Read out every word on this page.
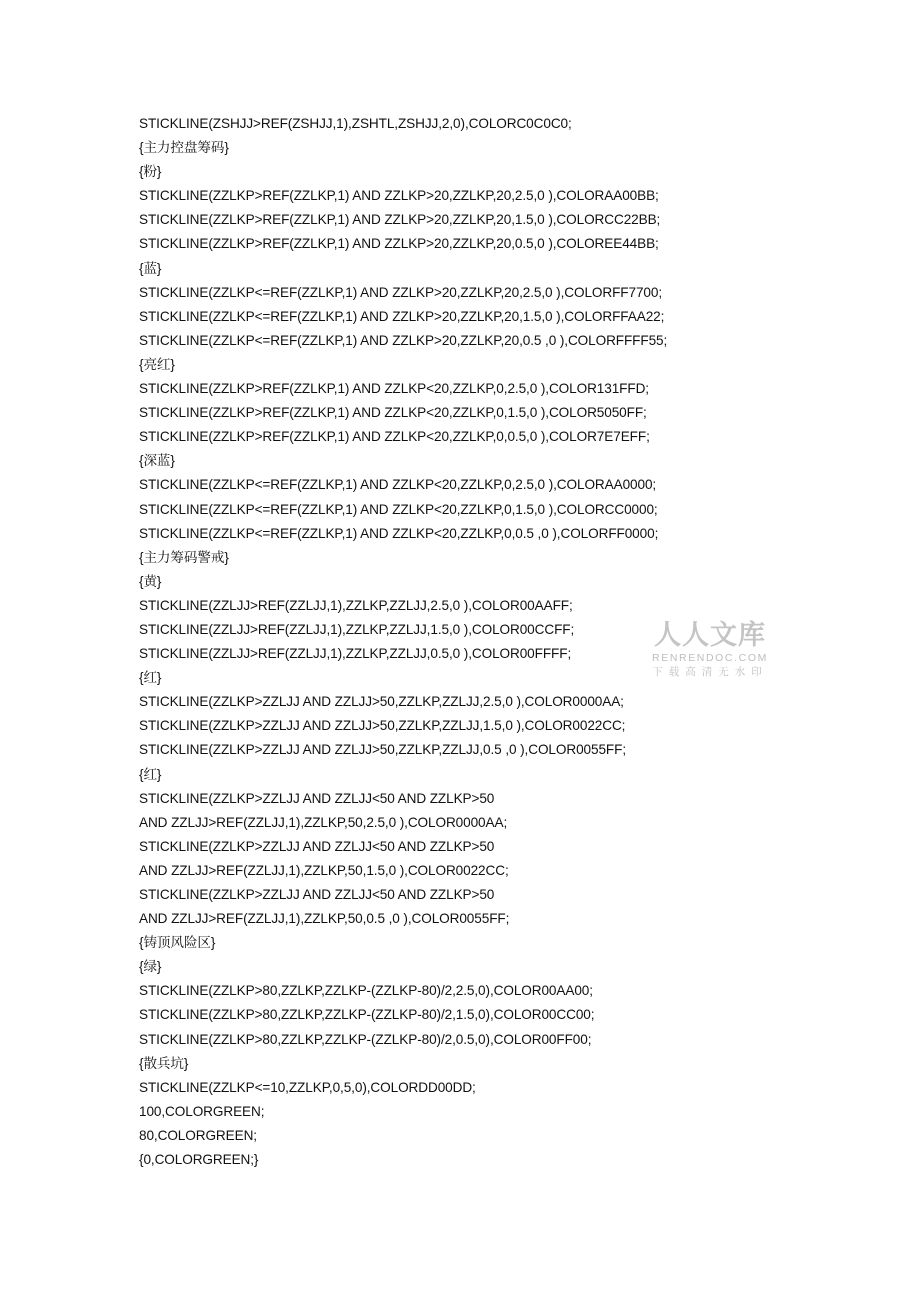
STICKLINE(ZSHJJ>REF(ZSHJJ,1),ZSHTL,ZSHJJ,2,0),COLORC0C0C0;
{主力控盘筹码}
{粉}
STICKLINE(ZZLKP>REF(ZZLKP,1) AND ZZLKP>20,ZZLKP,20,2.5,0 ),COLORAA00BB;
STICKLINE(ZZLKP>REF(ZZLKP,1) AND ZZLKP>20,ZZLKP,20,1.5,0 ),COLORCC22BB;
STICKLINE(ZZLKP>REF(ZZLKP,1) AND ZZLKP>20,ZZLKP,20,0.5,0 ),COLOREE44BB;
{蓝}
STICKLINE(ZZLKP<=REF(ZZLKP,1) AND ZZLKP>20,ZZLKP,20,2.5,0 ),COLORFF7700;
STICKLINE(ZZLKP<=REF(ZZLKP,1) AND ZZLKP>20,ZZLKP,20,1.5,0 ),COLORFFAA22;
STICKLINE(ZZLKP<=REF(ZZLKP,1) AND ZZLKP>20,ZZLKP,20,0.5 ,0 ),COLORFFFF55;
{亮红}
STICKLINE(ZZLKP>REF(ZZLKP,1) AND ZZLKP<20,ZZLKP,0,2.5,0 ),COLOR131FFD;
STICKLINE(ZZLKP>REF(ZZLKP,1) AND ZZLKP<20,ZZLKP,0,1.5,0 ),COLOR5050FF;
STICKLINE(ZZLKP>REF(ZZLKP,1) AND ZZLKP<20,ZZLKP,0,0.5,0 ),COLOR7E7EFF;
{深蓝}
STICKLINE(ZZLKP<=REF(ZZLKP,1) AND ZZLKP<20,ZZLKP,0,2.5,0 ),COLORAA0000;
STICKLINE(ZZLKP<=REF(ZZLKP,1) AND ZZLKP<20,ZZLKP,0,1.5,0 ),COLORCC0000;
STICKLINE(ZZLKP<=REF(ZZLKP,1) AND ZZLKP<20,ZZLKP,0,0.5 ,0 ),COLORFF0000;
{主力筹码警戒}
{黄}
STICKLINE(ZZLJJ>REF(ZZLJJ,1),ZZLKP,ZZLJJ,2.5,0 ),COLOR00AAFF;
STICKLINE(ZZLJJ>REF(ZZLJJ,1),ZZLKP,ZZLJJ,1.5,0 ),COLOR00CCFF;
STICKLINE(ZZLJJ>REF(ZZLJJ,1),ZZLKP,ZZLJJ,0.5,0 ),COLOR00FFFF;
{红}
STICKLINE(ZZLKP>ZZLJJ AND ZZLJJ>50,ZZLKP,ZZLJJ,2.5,0 ),COLOR0000AA;
STICKLINE(ZZLKP>ZZLJJ AND ZZLJJ>50,ZZLKP,ZZLJJ,1.5,0 ),COLOR0022CC;
STICKLINE(ZZLKP>ZZLJJ AND ZZLJJ>50,ZZLKP,ZZLJJ,0.5 ,0 ),COLOR0055FF;
{红}
STICKLINE(ZZLKP>ZZLJJ AND ZZLJJ<50 AND ZZLKP>50
AND ZZLJJ>REF(ZZLJJ,1),ZZLKP,50,2.5,0 ),COLOR0000AA;
STICKLINE(ZZLKP>ZZLJJ AND ZZLJJ<50 AND ZZLKP>50
AND ZZLJJ>REF(ZZLJJ,1),ZZLKP,50,1.5,0 ),COLOR0022CC;
STICKLINE(ZZLKP>ZZLJJ AND ZZLJJ<50 AND ZZLKP>50
AND ZZLJJ>REF(ZZLJJ,1),ZZLKP,50,0.5 ,0 ),COLOR0055FF;
{铸顶风险区}
{绿}
STICKLINE(ZZLKP>80,ZZLKP,ZZLKP-(ZZLKP-80)/2,2.5,0),COLOR00AA00;
STICKLINE(ZZLKP>80,ZZLKP,ZZLKP-(ZZLKP-80)/2,1.5,0),COLOR00CC00;
STICKLINE(ZZLKP>80,ZZLKP,ZZLKP-(ZZLKP-80)/2,0.5,0),COLOR00FF00;
{散兵坑}
STICKLINE(ZZLKP<=10,ZZLKP,0,5,0),COLORDD00DD;
100,COLORGREEN;
80,COLORGREEN;
{0,COLORGREEN;}
人人文库
RENRENDOC.COM
下载高清无水印
